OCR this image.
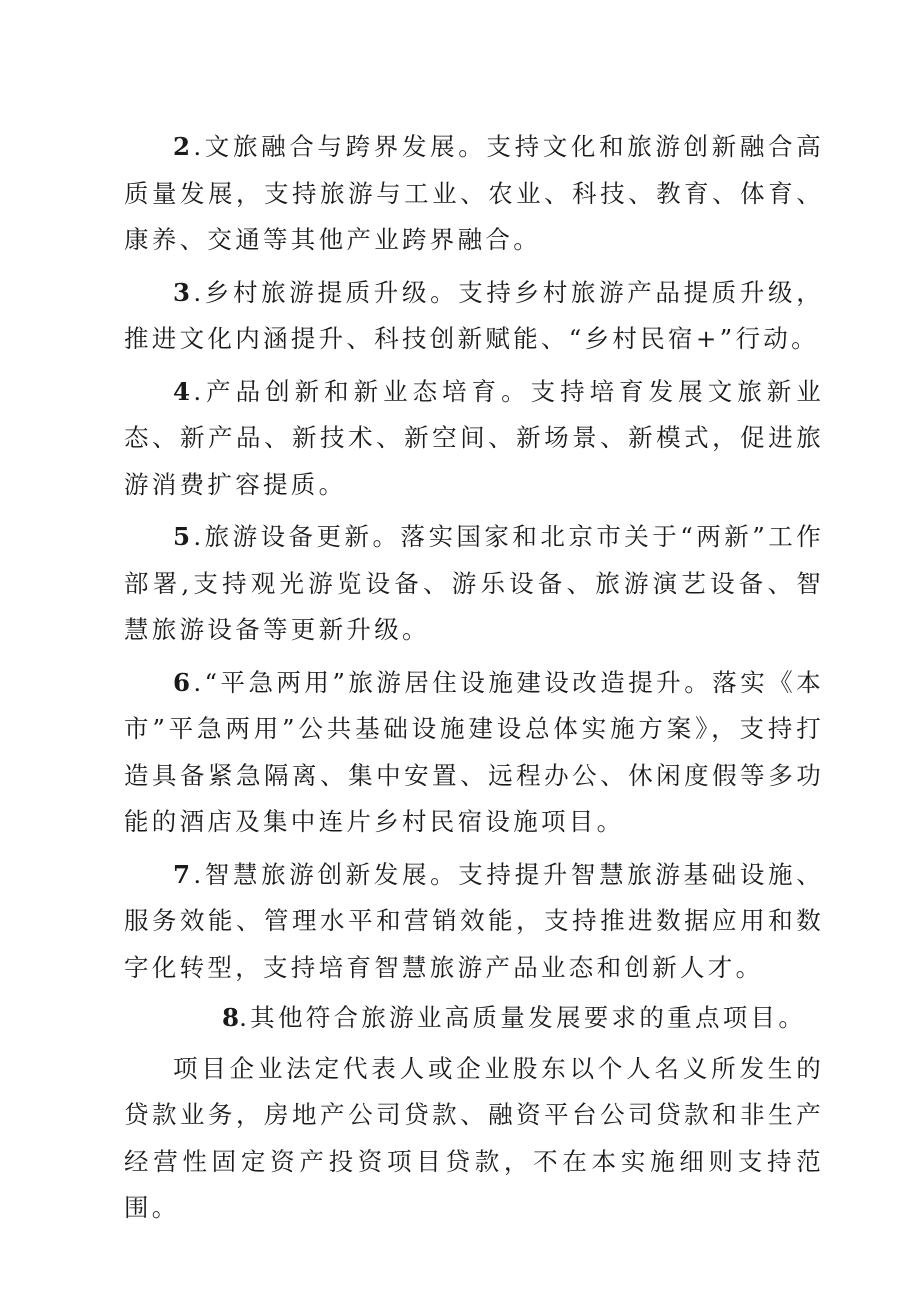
2.文旅融合与跨界发展。支持文化和旅游创新融合高质量发展，支持旅游与工业、农业、科技、教育、体育、康养、交通等其他产业跨界融合。

3.乡村旅游提质升级。支持乡村旅游产品提质升级，推进文化内涵提升、科技创新赋能、“乡村民宿+”行动。

4.产品创新和新业态培育。支持培育发展文旅新业态、新产品、新技术、新空间、新场景、新模式，促进旅游消费扩容提质。

5.旅游设备更新。落实国家和北京市关于“两新”工作部署,支持观光游览设备、游乐设备、旅游演艺设备、智慧旅游设备等更新升级。

6.“平急两用”旅游居住设施建设改造提升。落实《本市”平急两用”公共基础设施建设总体实施方案》，支持打造具备紧急隔离、集中安置、远程办公、休闲度假等多功能的酒店及集中连片乡村民宿设施项目。

7.智慧旅游创新发展。支持提升智慧旅游基础设施、服务效能、管理水平和营销效能，支持推进数据应用和数字化转型，支持培育智慧旅游产品业态和创新人才。

8.其他符合旅游业高质量发展要求的重点项目。

项目企业法定代表人或企业股东以个人名义所发生的贷款业务，房地产公司贷款、融资平台公司贷款和非生产经营性固定资产投资项目贷款，不在本实施细则支持范围。
